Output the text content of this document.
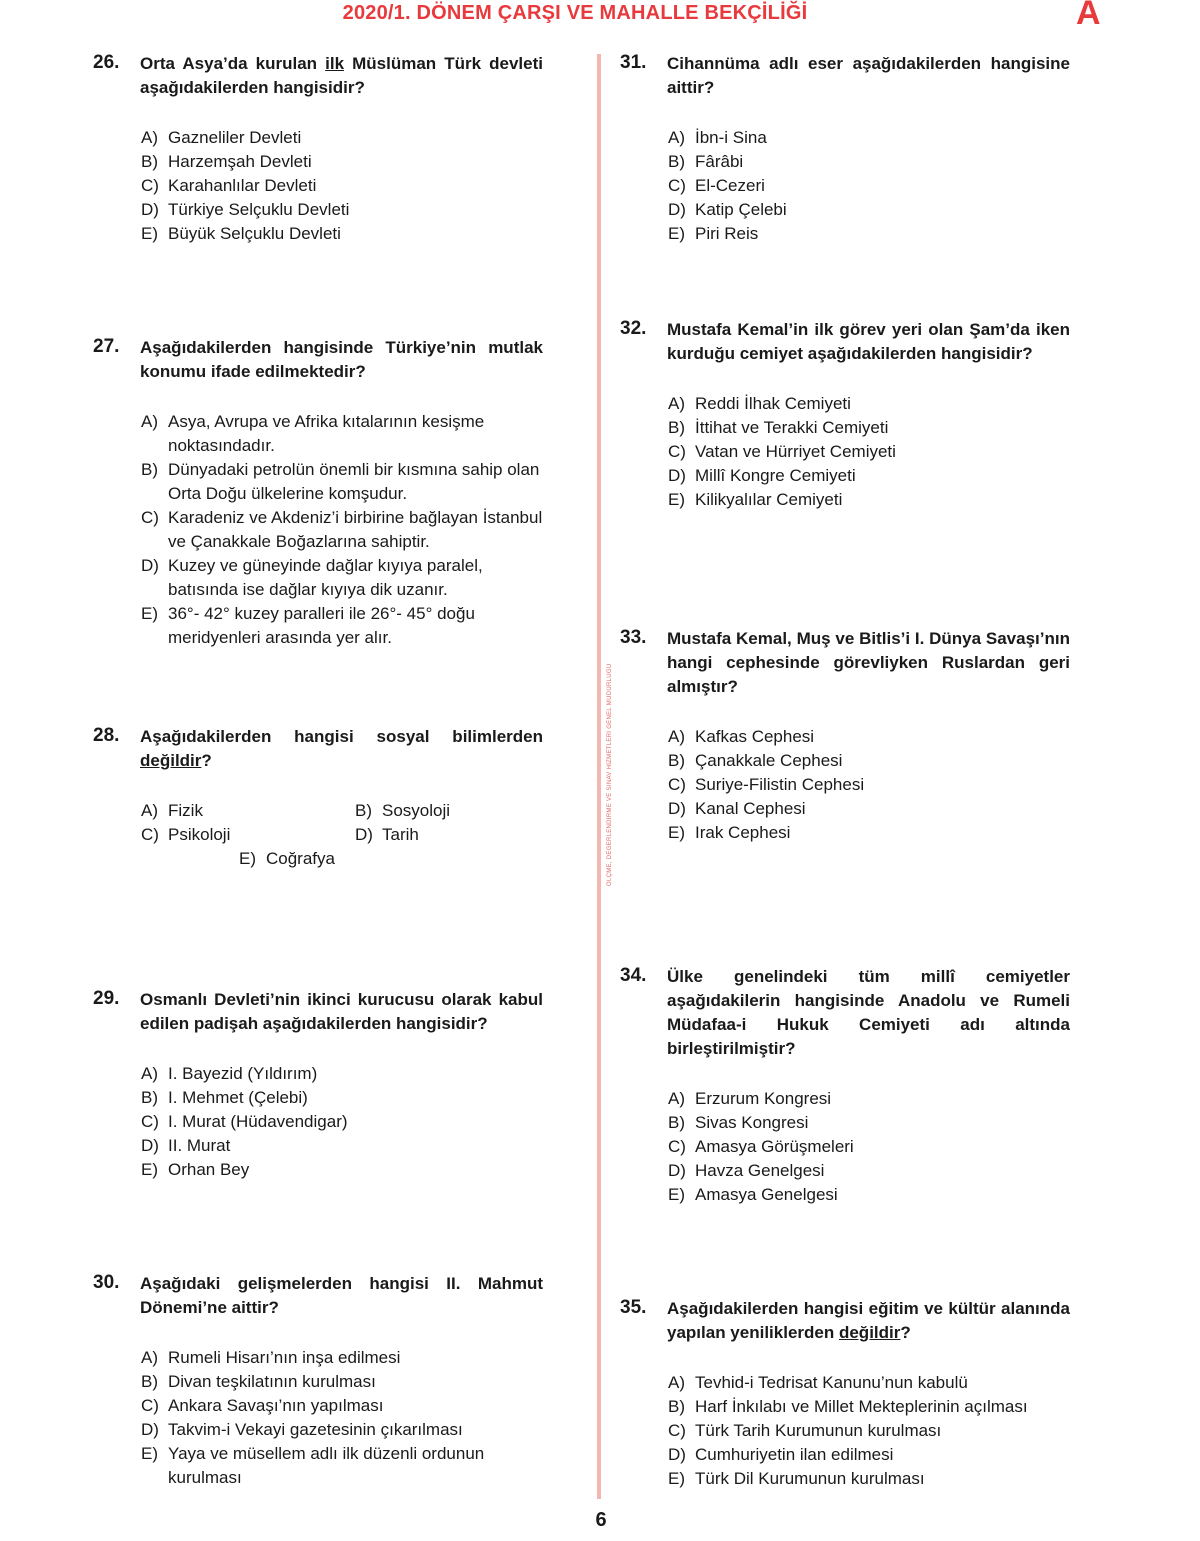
2020/1. DÖNEM ÇARŞI VE MAHALLE BEKÇİLİĞİ	A
ÖLÇME, DEĞERLENDİRME VE SINAV HİZMETLERİ GENEL MÜDÜRLÜĞÜ
26. Orta Asya’da kurulan ilk Müslüman Türk devleti aşağıdakilerden hangisidir?
A) Gazneliler Devleti
B) Harzemşah Devleti
C) Karahanlılar Devleti
D) Türkiye Selçuklu Devleti
E) Büyük Selçuklu Devleti
27. Aşağıdakilerden hangisinde Türkiye’nin mutlak konumu ifade edilmektedir?
A) Asya, Avrupa ve Afrika kıtalarının kesişme noktasındadır.
B) Dünyadaki petrolün önemli bir kısmına sahip olan Orta Doğu ülkelerine komşudur.
C) Karadeniz ve Akdeniz’i birbirine bağlayan İstanbul ve Çanakkale Boğazlarına sahiptir.
D) Kuzey ve güneyinde dağlar kıyıya paralel, batısında ise dağlar kıyıya dik uzanır.
E) 36°- 42° kuzey paralleri ile 26°- 45° doğu meridyenleri arasında yer alır.
28. Aşağıdakilerden hangisi sosyal bilimlerden değildir?
A) Fizik	B) Sosyoloji
C) Psikoloji	D) Tarih
E) Coğrafya
29. Osmanlı Devleti’nin ikinci kurucusu olarak kabul edilen padişah aşağıdakilerden hangisidir?
A) I. Bayezid (Yıldırım)
B) I. Mehmet (Çelebi)
C) I. Murat (Hüdavendigar)
D) II. Murat
E) Orhan Bey
30. Aşağıdaki gelişmelerden hangisi II. Mahmut Dönemi’ne aittir?
A) Rumeli Hisarı’nın inşa edilmesi
B) Divan teşkilatının kurulması
C) Ankara Savaşı’nın yapılması
D) Takvim-i Vekayi gazetesinin çıkarılması
E) Yaya ve müsellem adlı ilk düzenli ordunun kurulması
31. Cihannüma adlı eser aşağıdakilerden hangisine aittir?
A) İbn-i Sina
B) Fârâbi
C) El-Cezeri
D) Katip Çelebi
E) Piri Reis
32. Mustafa Kemal’in ilk görev yeri olan Şam’da iken kurduğu cemiyet aşağıdakilerden hangisidir?
A) Reddi İlhak Cemiyeti
B) İttihat ve Terakki Cemiyeti
C) Vatan ve Hürriyet Cemiyeti
D) Millî Kongre Cemiyeti
E) Kilikyalılar Cemiyeti
33. Mustafa Kemal, Muş ve Bitlis’i I. Dünya Savaşı’nın hangi cephesinde görevliyken Ruslardan geri almıştır?
A) Kafkas Cephesi
B) Çanakkale Cephesi
C) Suriye-Filistin Cephesi
D) Kanal Cephesi
E) Irak Cephesi
34. Ülke genelindeki tüm millî cemiyetler aşağıdakilerin hangisinde Anadolu ve Rumeli Müdafaa-i Hukuk Cemiyeti adı altında birleştirilmiştir?
A) Erzurum Kongresi
B) Sivas Kongresi
C) Amasya Görüşmeleri
D) Havza Genelgesi
E) Amasya Genelgesi
35. Aşağıdakilerden hangisi eğitim ve kültür alanında yapılan yeniliklerden değildir?
A) Tevhid-i Tedrisat Kanunu’nun kabulü
B) Harf İnkılabı ve Millet Mekteplerinin açılması
C) Türk Tarih Kurumunun kurulması
D) Cumhuriyetin ilan edilmesi
E) Türk Dil Kurumunun kurulması
6
